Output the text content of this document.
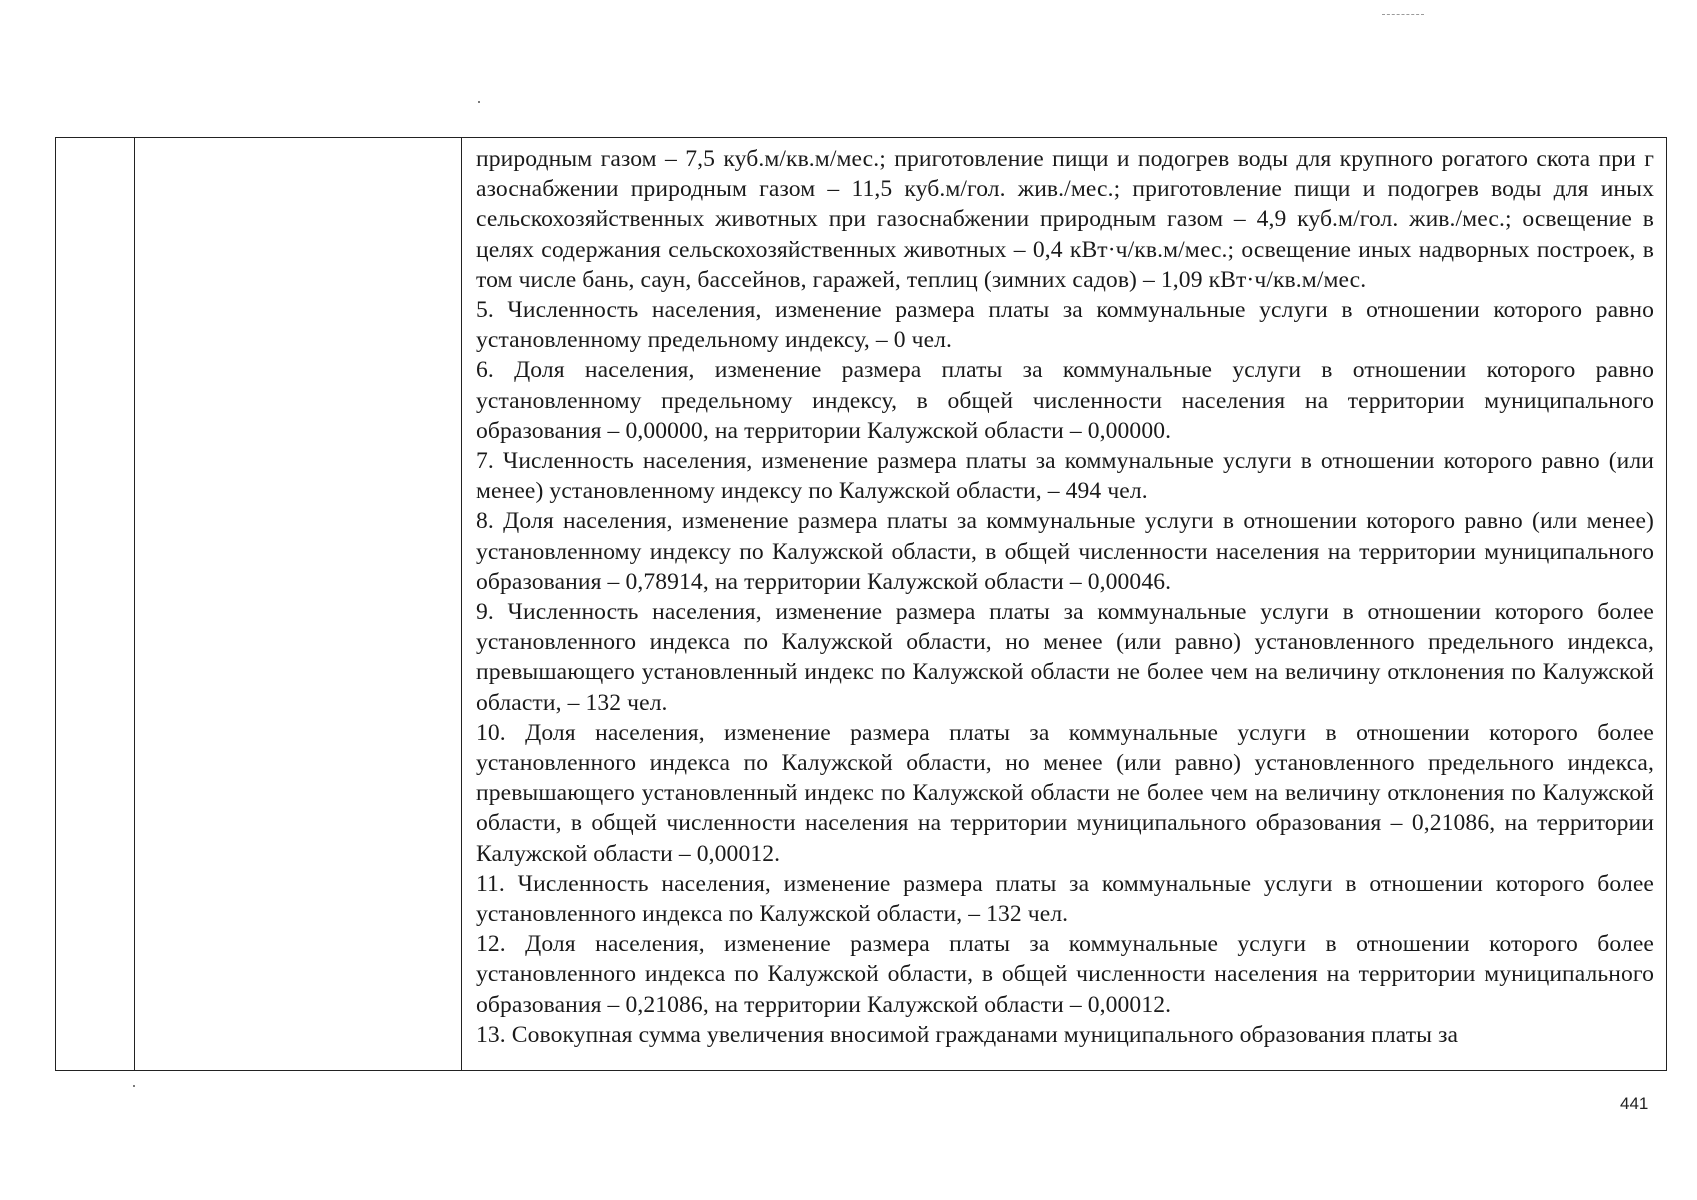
природным газом – 7,5 куб.м/кв.м/мес.; приготовление пищи и подогрев воды для крупного рогатого скота при г азоснабжении природным газом – 11,5 куб.м/гол. жив./мес.; приготовление пищи и подогрев воды для иных сельскохозяйственных животных при газоснабжении природным газом – 4,9 куб.м/гол. жив./мес.; освещение в целях содержания сельскохозяйственных животных – 0,4 кВт·ч/кв.м/мес.; освещение иных надворных построек, в том числе бань, саун, бассейнов, гаражей, теплиц (зимних садов) – 1,09 кВт·ч/кв.м/мес.

5. Численность населения, изменение размера платы за коммунальные услуги в отношении которого равно установленному предельному индексу, – 0 чел.

6. Доля населения, изменение размера платы за коммунальные услуги в отношении которого равно установленному предельному индексу, в общей численности населения на территории муниципального образования – 0,00000, на территории Калужской области – 0,00000.

7. Численность населения, изменение размера платы за коммунальные услуги в отношении которого равно (или менее) установленному индексу по Калужской области, – 494 чел.

8. Доля населения, изменение размера платы за коммунальные услуги в отношении которого равно (или менее) установленному индексу по Калужской области, в общей численности населения на территории муниципального образования – 0,78914, на территории Калужской области – 0,00046.

9. Численность населения, изменение размера платы за коммунальные услуги в отношении которого более установленного индекса по Калужской области, но менее (или равно) установленного предельного индекса, превышающего установленный индекс по Калужской области не более чем на величину отклонения по Калужской области, – 132 чел.

10. Доля населения, изменение размера платы за коммунальные услуги в отношении которого более установленного индекса по Калужской области, но менее (или равно) установленного предельного индекса, превышающего установленный индекс по Калужской области не более чем на величину отклонения по Калужской области, в общей численности населения на территории муниципального образования – 0,21086, на территории Калужской области – 0,00012.

11. Численность населения, изменение размера платы за коммунальные услуги в отношении которого более установленного индекса по Калужской области, – 132 чел.

12. Доля населения, изменение размера платы за коммунальные услуги в отношении которого более установленного индекса по Калужской области, в общей численности населения на территории муниципального образования – 0,21086, на территории Калужской области – 0,00012.

13. Совокупная сумма увеличения вносимой гражданами муниципального образования платы за

441
